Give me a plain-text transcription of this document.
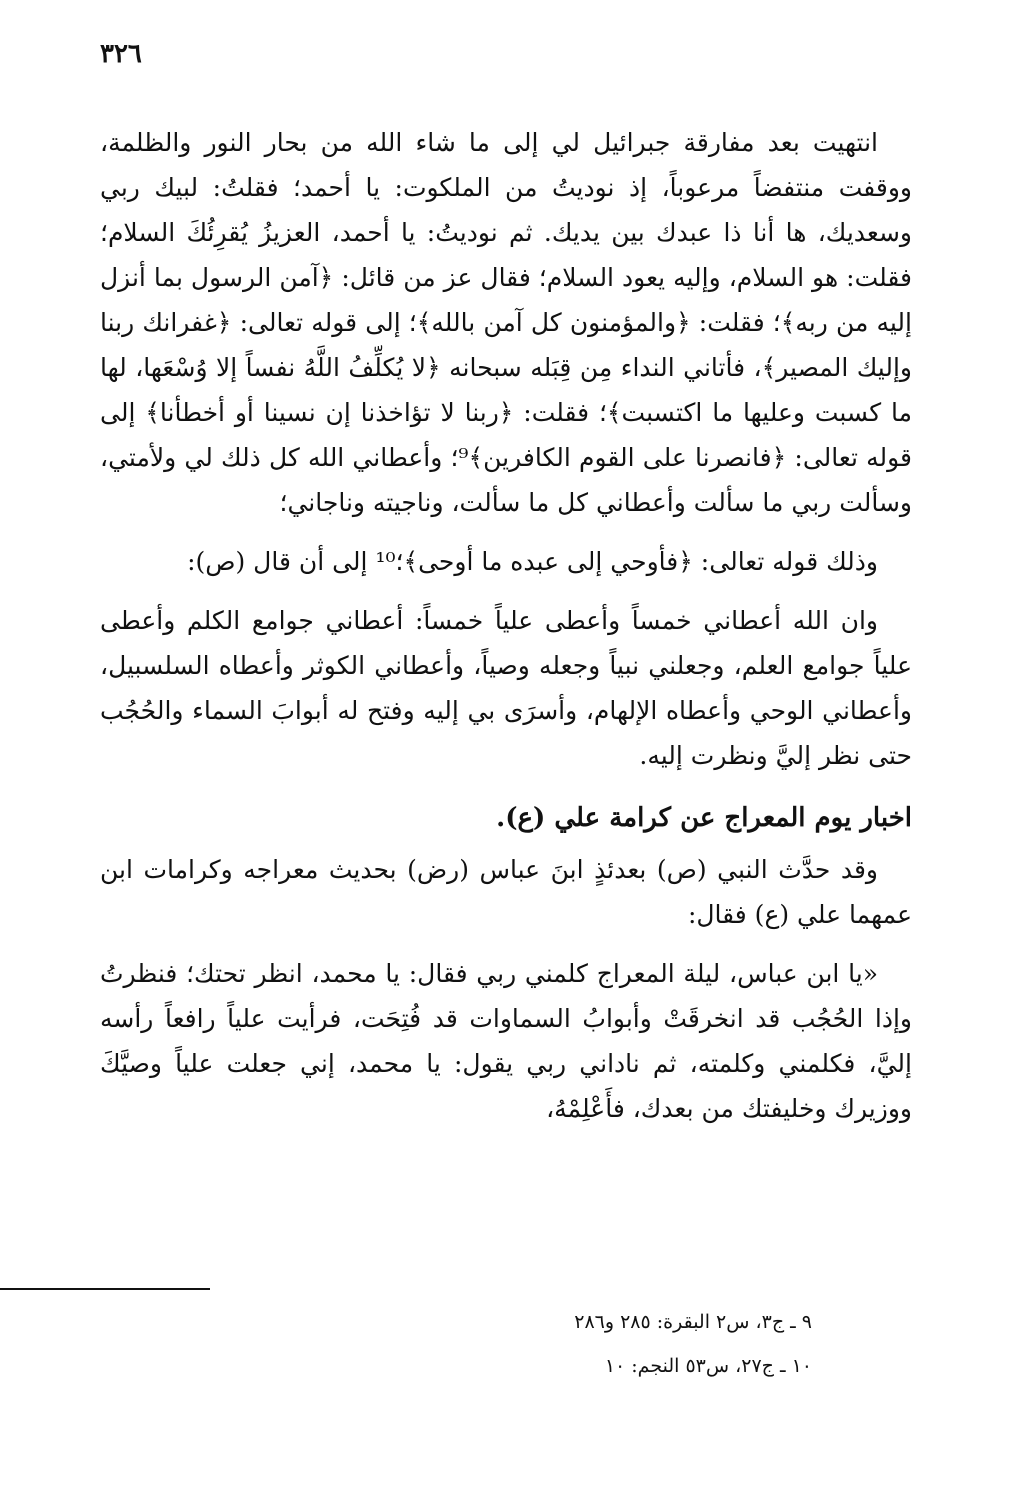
٣٢٦

انتهيت بعد مفارقة جبرائيل لي إلى ما شاء الله من بحار النور والظلمة، ووقفت منتفضاً مرعوباً، إذ نوديتُ من الملكوت: يا أحمد؛ فقلتُ: لبيك ربي وسعديك، ها أنا ذا عبدك بين يديك. ثم نوديتُ: يا أحمد، العزيزُ يُقرِئُكَ السلام؛ فقلت: هو السلام، وإليه يعود السلام؛ فقال عز من قائل: ﴿آمن الرسول بما أنزل إليه من ربه﴾؛ فقلت: ﴿والمؤمنون كل آمن بالله﴾؛ إلى قوله تعالى: ﴿غفرانك ربنا وإليك المصير﴾، فأتاني النداء مِن قِبَله سبحانه ﴿لا يُكلِّفُ اللَّهُ نفساً إلا وُسْعَها، لها ما كسبت وعليها ما اكتسبت﴾؛ فقلت: ﴿ربنا لا تؤاخذنا إن نسينا أو أخطأنا﴾ إلى قوله تعالى: ﴿فانصرنا على القوم الكافرين﴾⁹؛ وأعطاني الله كل ذلك لي ولأمتي، وسألت ربي ما سألت وأعطاني كل ما سألت، وناجيته وناجاني؛

وذلك قوله تعالى: ﴿فأوحي إلى عبده ما أوحى﴾؛¹⁰ إلى أن قال (ص):

وان الله أعطاني خمساً وأعطى علياً خمساً: أعطاني جوامع الكلم وأعطى علياً جوامع العلم، وجعلني نبياً وجعله وصياً، وأعطاني الكوثر وأعطاه السلسبيل، وأعطاني الوحي وأعطاه الإلهام، وأسرَى بي إليه وفتح له أبوابَ السماء والحُجُب حتى نظر إليَّ ونظرت إليه.

اخبار يوم المعراج عن كرامة علي (ع).

وقد حدَّث النبي (ص) بعدئذٍ ابنَ عباس (رض) بحديث معراجه وكرامات ابن عمهما علي (ع) فقال:

«يا ابن عباس، ليلة المعراج كلمني ربي فقال: يا محمد، انظر تحتك؛ فنظرتُ وإذا الحُجُب قد انخرقَتْ وأبوابُ السماوات قد فُتِحَت، فرأيت علياً رافعاً رأسه إليَّ، فكلمني وكلمته، ثم ناداني ربي يقول: يا محمد، إني جعلت علياً وصيَّكَ ووزيرك وخليفتك من بعدك، فأَعْلِمْهُ،

٩ ـ ج٣، س٢ البقرة: ٢٨٥ و٢٨٦

١٠ ـ ج٢٧، س٥٣ النجم: ١٠
